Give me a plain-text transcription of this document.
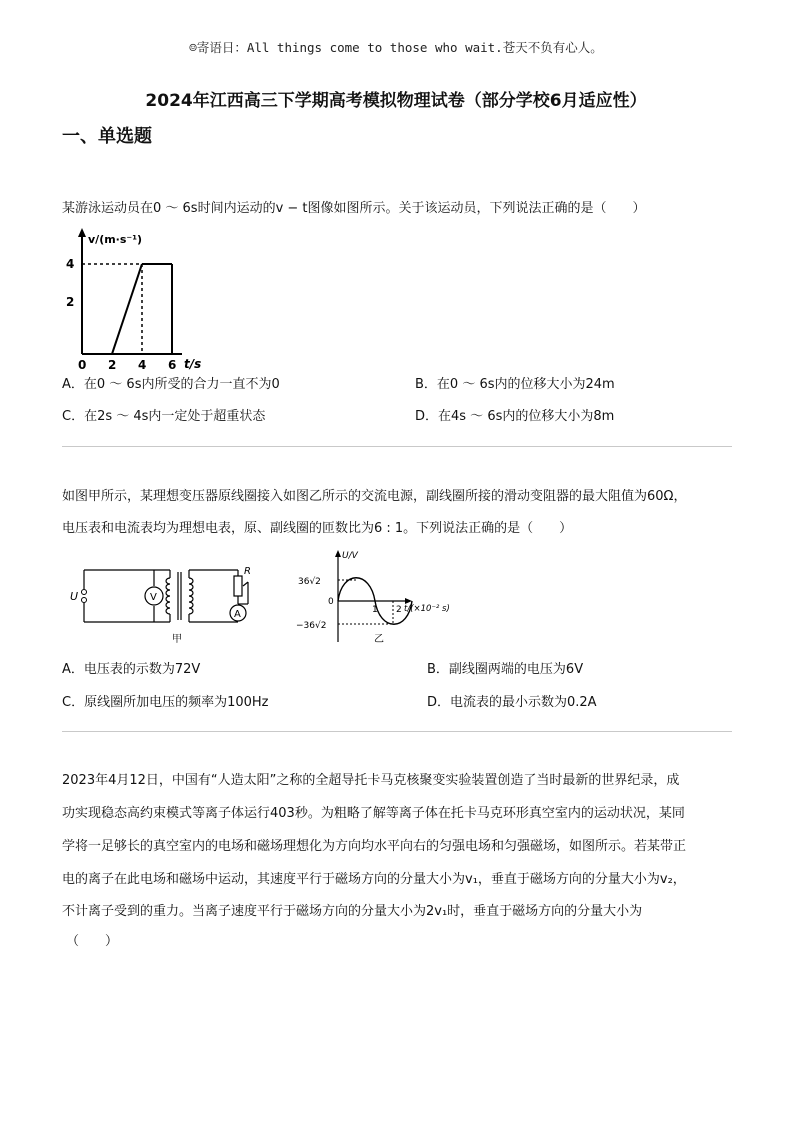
☺寄语日：All things come to those who wait.苍天不负有心人。
2024年江西高三下学期高考模拟物理试卷（部分学校6月适应性）
一、单选题
某游泳运动员在0 ～ 6s时间内运动的v − t图像如图所示。关于该运动员，下列说法正确的是（　　）
v/(m·s⁻¹)
4
2
0 2 4 6 t/s
A．在0 ～ 6s内所受的合力一直不为0	B．在0 ～ 6s内的位移大小为24m
C．在2s ～ 4s内一定处于超重状态	D．在4s ～ 6s内的位移大小为8m
如图甲所示，某理想变压器原线圈接入如图乙所示的交流电源，副线圈所接的滑动变阻器的最大阻值为60Ω，
电压表和电流表均为理想电表，原、副线圈的匝数比为6 : 1。下列说法正确的是（　　）
U	V
R
A
甲
U/V
36√2
0
−36√2
1 2 t/(×10⁻² s)
乙
A．电压表的示数为72V	B．副线圈两端的电压为6V
C．原线圈所加电压的频率为100Hz	D．电流表的最小示数为0.2A
2023年4月12日，中国有“人造太阳”之称的全超导托卡马克核聚变实验装置创造了当时最新的世界纪录，成
功实现稳态高约束模式等离子体运行403秒。为粗略了解等离子体在托卡马克环形真空室内的运动状况，某同
学将一足够长的真空室内的电场和磁场理想化为方向均水平向右的匀强电场和匀强磁场，如图所示。若某带正
电的离子在此电场和磁场中运动，其速度平行于磁场方向的分量大小为v₁，垂直于磁场方向的分量大小为v₂，
不计离子受到的重力。当离子速度平行于磁场方向的分量大小为2v₁时，垂直于磁场方向的分量大小为
（　　）
